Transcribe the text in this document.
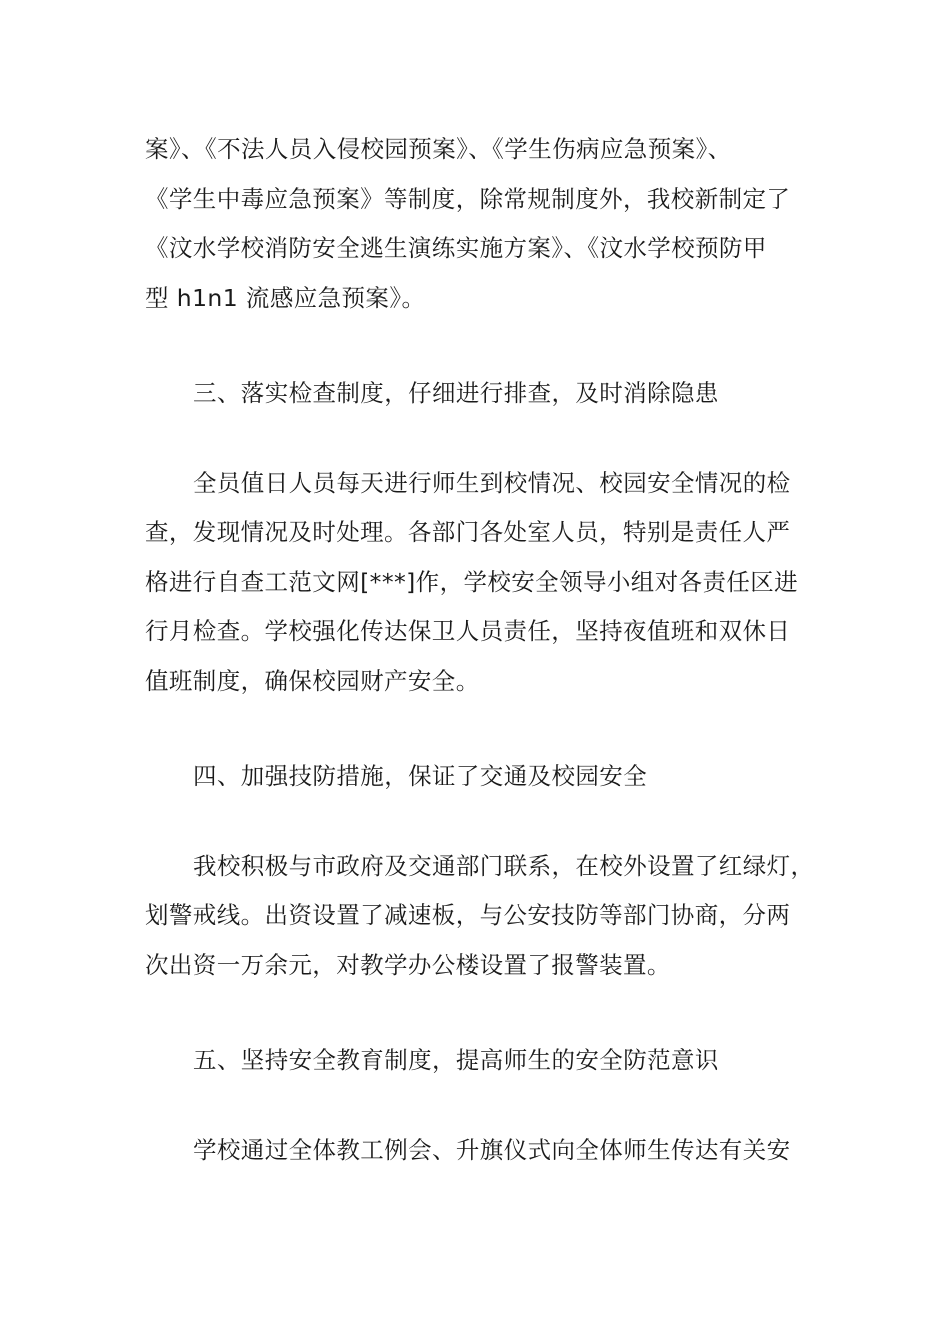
案》、《不法人员入侵校园预案》、《学生伤病应急预案》、
《学生中毒应急预案》等制度，除常规制度外，我校新制定了
《汶水学校消防安全逃生演练实施方案》、《汶水学校预防甲
型 h1n1 流感应急预案》。

三、落实检查制度，仔细进行排查，及时消除隐患

全员值日人员每天进行师生到校情况、校园安全情况的检
查，发现情况及时处理。各部门各处室人员，特别是责任人严
格进行自查工范文网[***]作，学校安全领导小组对各责任区进
行月检查。学校强化传达保卫人员责任，坚持夜值班和双休日
值班制度，确保校园财产安全。

四、加强技防措施，保证了交通及校园安全

我校积极与市政府及交通部门联系，在校外设置了红绿灯，
划警戒线。出资设置了减速板，与公安技防等部门协商，分两
次出资一万余元，对教学办公楼设置了报警装置。

五、坚持安全教育制度，提高师生的安全防范意识

学校通过全体教工例会、升旗仪式向全体师生传达有关安
